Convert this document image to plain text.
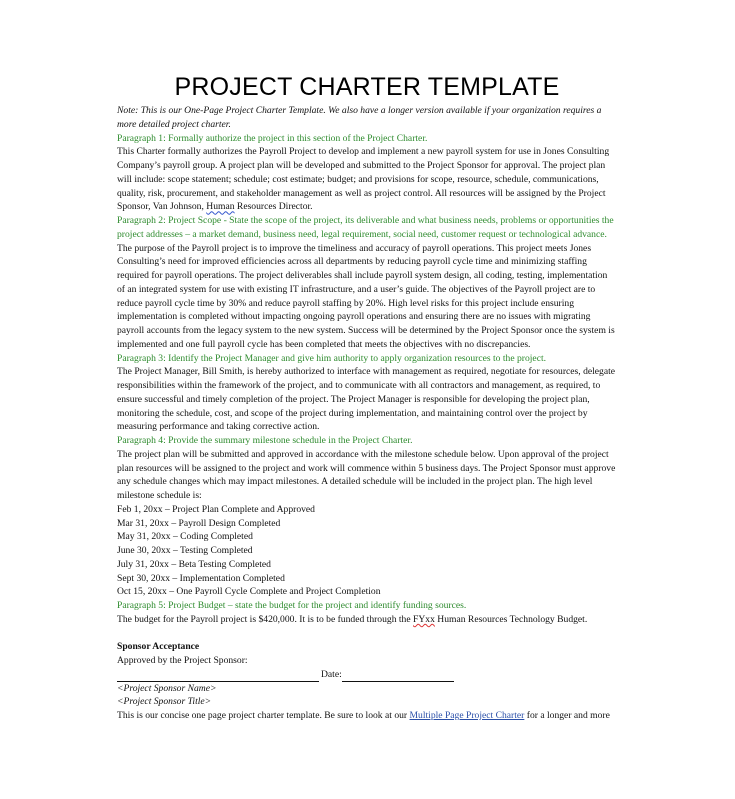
PROJECT CHARTER TEMPLATE

Note: This is our One-Page Project Charter Template. We also have a longer version available if your organization requires a more detailed project charter.

Paragraph 1: Formally authorize the project in this section of the Project Charter.

This Charter formally authorizes the Payroll Project to develop and implement a new payroll system for use in Jones Consulting Company’s payroll group. A project plan will be developed and submitted to the Project Sponsor for approval. The project plan will include: scope statement; schedule; cost estimate; budget; and provisions for scope, resource, schedule, communications, quality, risk, procurement, and stakeholder management as well as project control. All resources will be assigned by the Project Sponsor, Van Johnson, Human Resources Director.

Paragraph 2: Project Scope - State the scope of the project, its deliverable and what business needs, problems or opportunities the project addresses – a market demand, business need, legal requirement, social need, customer request or technological advance.

The purpose of the Payroll project is to improve the timeliness and accuracy of payroll operations. This project meets Jones Consulting’s need for improved efficiencies across all departments by reducing payroll cycle time and minimizing staffing required for payroll operations. The project deliverables shall include payroll system design, all coding, testing, implementation of an integrated system for use with existing IT infrastructure, and a user’s guide. The objectives of the Payroll project are to reduce payroll cycle time by 30% and reduce payroll staffing by 20%. High level risks for this project include ensuring implementation is completed without impacting ongoing payroll operations and ensuring there are no issues with migrating payroll accounts from the legacy system to the new system. Success will be determined by the Project Sponsor once the system is implemented and one full payroll cycle has been completed that meets the objectives with no discrepancies.

Paragraph 3: Identify the Project Manager and give him authority to apply organization resources to the project.

The Project Manager, Bill Smith, is hereby authorized to interface with management as required, negotiate for resources, delegate responsibilities within the framework of the project, and to communicate with all contractors and management, as required, to ensure successful and timely completion of the project. The Project Manager is responsible for developing the project plan, monitoring the schedule, cost, and scope of the project during implementation, and maintaining control over the project by measuring performance and taking corrective action.

Paragraph 4: Provide the summary milestone schedule in the Project Charter.

The project plan will be submitted and approved in accordance with the milestone schedule below. Upon approval of the project plan resources will be assigned to the project and work will commence within 5 business days. The Project Sponsor must approve any schedule changes which may impact milestones. A detailed schedule will be included in the project plan. The high level milestone schedule is:

Feb 1, 20xx – Project Plan Complete and Approved
Mar 31, 20xx – Payroll Design Completed
May 31, 20xx – Coding Completed
June 30, 20xx – Testing Completed
July 31, 20xx – Beta Testing Completed
Sept 30, 20xx – Implementation Completed
Oct 15, 20xx – One Payroll Cycle Complete and Project Completion

Paragraph 5: Project Budget – state the budget for the project and identify funding sources.

The budget for the Payroll project is $420,000. It is to be funded through the FYxx Human Resources Technology Budget.

Sponsor Acceptance

Approved by the Project Sponsor:

Date:

<Project Sponsor Name>

<Project Sponsor Title>

This is our concise one page project charter template. Be sure to look at our Multiple Page Project Charter for a longer and more
